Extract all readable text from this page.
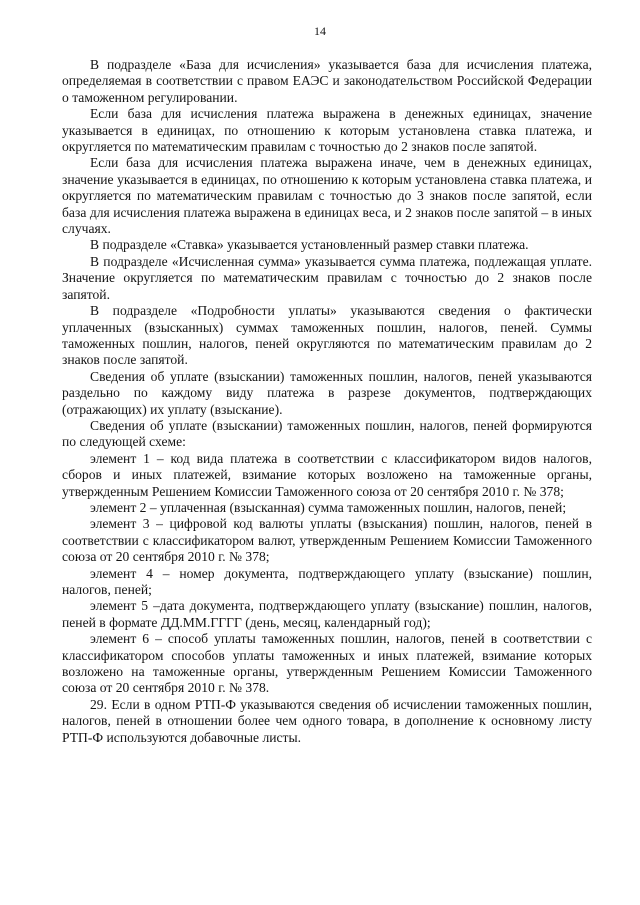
14

В подразделе «База для исчисления» указывается база для исчисления платежа, определяемая в соответствии с правом ЕАЭС и законодательством Российской Федерации о таможенном регулировании.

Если база для исчисления платежа выражена в денежных единицах, значение указывается в единицах, по отношению к которым установлена ставка платежа, и округляется по математическим правилам с точностью до 2 знаков после запятой.

Если база для исчисления платежа выражена иначе, чем в денежных единицах, значение указывается в единицах, по отношению к которым установлена ставка платежа, и округляется по математическим правилам с точностью до 3 знаков после запятой, если база для исчисления платежа выражена в единицах веса, и 2 знаков после запятой – в иных случаях.

В подразделе «Ставка» указывается установленный размер ставки платежа.

В подразделе «Исчисленная сумма» указывается сумма платежа, подлежащая уплате. Значение округляется по математическим правилам с точностью до 2 знаков после запятой.

В подразделе «Подробности уплаты» указываются сведения о фактически уплаченных (взысканных) суммах таможенных пошлин, налогов, пеней. Суммы таможенных пошлин, налогов, пеней округляются по математическим правилам до 2 знаков после запятой.

Сведения об уплате (взыскании) таможенных пошлин, налогов, пеней указываются раздельно по каждому виду платежа в разрезе документов, подтверждающих (отражающих) их уплату (взыскание).

Сведения об уплате (взыскании) таможенных пошлин, налогов, пеней формируются по следующей схеме:

элемент 1 – код вида платежа в соответствии с классификатором видов налогов, сборов и иных платежей, взимание которых возложено на таможенные органы, утвержденным Решением Комиссии Таможенного союза от 20 сентября 2010 г. № 378;

элемент 2 – уплаченная (взысканная) сумма таможенных пошлин, налогов, пеней;

элемент 3 – цифровой код валюты уплаты (взыскания) пошлин, налогов, пеней в соответствии с классификатором валют, утвержденным Решением Комиссии Таможенного союза от 20 сентября 2010 г. № 378;

элемент 4 – номер документа, подтверждающего уплату (взыскание) пошлин, налогов, пеней;

элемент 5 –дата документа, подтверждающего уплату (взыскание) пошлин, налогов, пеней в формате ДД.ММ.ГГГГ (день, месяц, календарный год);

элемент 6 – способ уплаты таможенных пошлин, налогов, пеней в соответствии с классификатором способов уплаты таможенных и иных платежей, взимание которых возложено на таможенные органы, утвержденным Решением Комиссии Таможенного союза от 20 сентября 2010 г. № 378.

29. Если в одном РТП-Ф указываются сведения об исчислении таможенных пошлин, налогов, пеней в отношении более чем одного товара, в дополнение к основному листу РТП-Ф используются добавочные листы.
